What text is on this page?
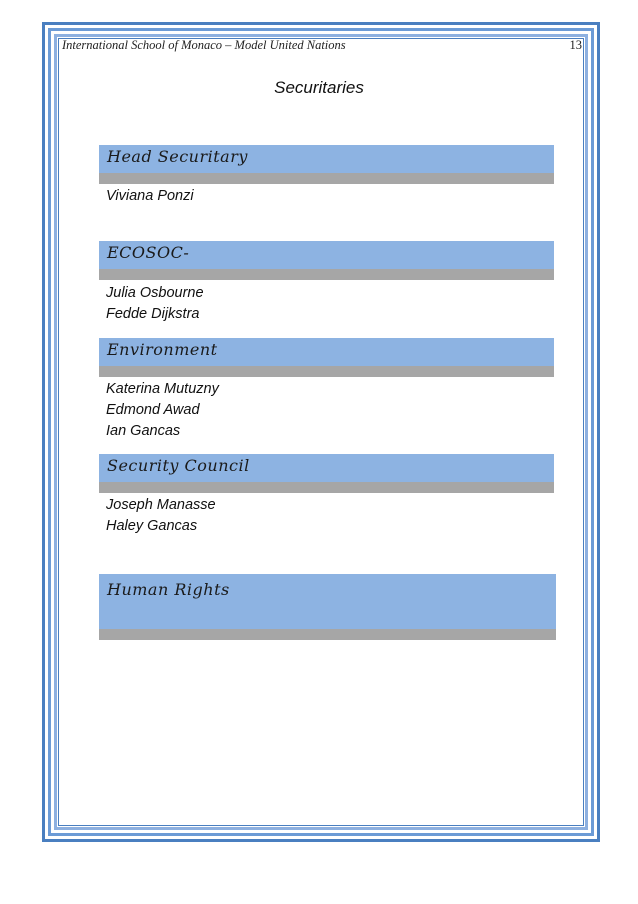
International School of Monaco – Model United Nations	13
Securitaries
Head Securitary
Viviana Ponzi
ECOSOC-
Julia Osbourne
Fedde Dijkstra
Environment
Katerina Mutuzny
Edmond Awad
Ian Gancas
Security Council
Joseph Manasse
Haley Gancas
Human Rights
